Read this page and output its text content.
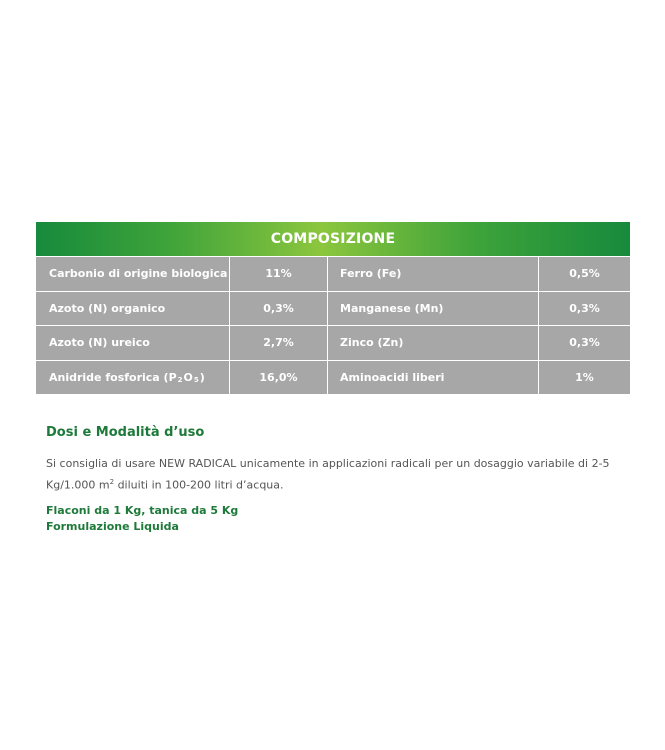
COMPOSIZIONE
Carbonio di origine biologica	11%	Ferro (Fe)	0,5%
Azoto (N) organico	0,3%	Manganese (Mn)	0,3%
Azoto (N) ureico	2,7%	Zinco (Zn)	0,3%
Anidride fosforica (P 2 O 5 )	16,0%	Aminoacidi liberi	1%
Dosi e Modalità d’uso
Si consiglia di usare NEW RADICAL unicamente in applicazioni radicali per un dosaggio variabile di 2-5 Kg/1.000 $m^2$ diluiti in 100-200 litri d’acqua.
Flaconi da 1 Kg, tanica da 5 Kg
Formulazione Liquida
